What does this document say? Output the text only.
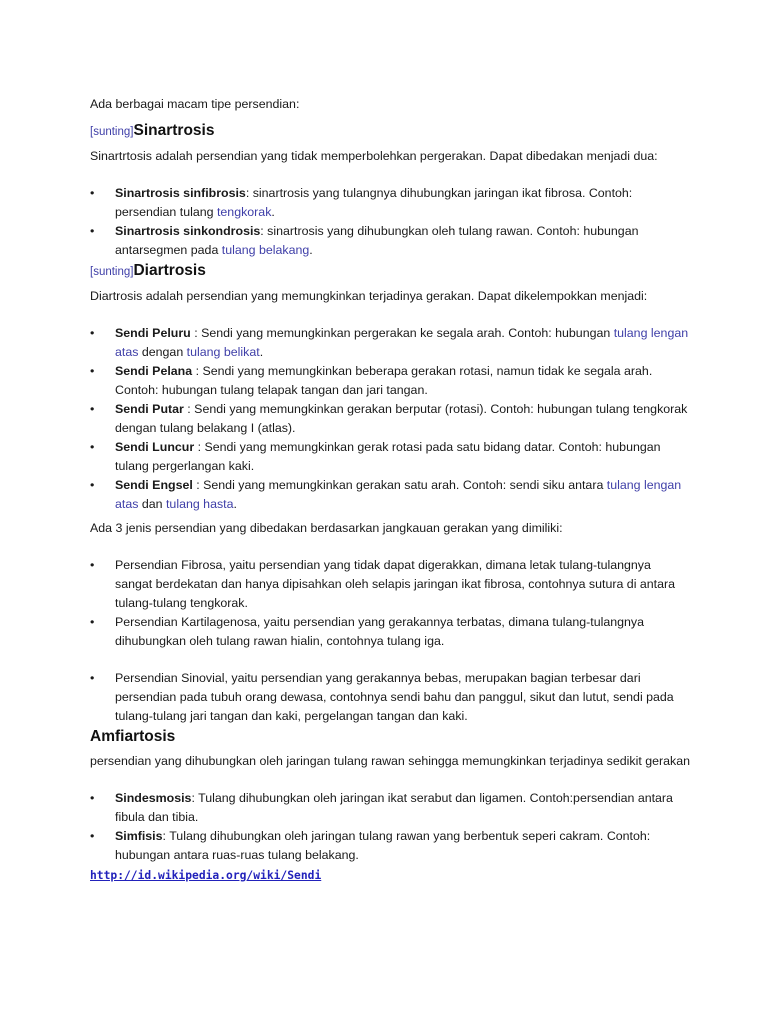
Ada berbagai macam tipe persendian:

[sunting] Sinartrosis

Sinartrtosis adalah persendian yang tidak memperbolehkan pergerakan. Dapat dibedakan menjadi dua:

• Sinartrosis sinfibrosis: sinartrosis yang tulangnya dihubungkan jaringan ikat fibrosa. Contoh: persendian tulang tengkorak.
• Sinartrosis sinkondrosis: sinartrosis yang dihubungkan oleh tulang rawan. Contoh: hubungan antarsegmen pada tulang belakang.
[sunting] Diartrosis

Diartrosis adalah persendian yang memungkinkan terjadinya gerakan. Dapat dikelempokkan menjadi:

• Sendi Peluru : Sendi yang memungkinkan pergerakan ke segala arah. Contoh: hubungan tulang lengan atas dengan tulang belikat.
• Sendi Pelana : Sendi yang memungkinkan beberapa gerakan rotasi, namun tidak ke segala arah. Contoh: hubungan tulang telapak tangan dan jari tangan.
• Sendi Putar : Sendi yang memungkinkan gerakan berputar (rotasi). Contoh: hubungan tulang tengkorak dengan tulang belakang I (atlas).
• Sendi Luncur : Sendi yang memungkinkan gerak rotasi pada satu bidang datar. Contoh: hubungan tulang pergerlangan kaki.
• Sendi Engsel : Sendi yang memungkinkan gerakan satu arah. Contoh: sendi siku antara tulang lengan atas dan tulang hasta.

Ada 3 jenis persendian yang dibedakan berdasarkan jangkauan gerakan yang dimiliki:

• Persendian Fibrosa, yaitu persendian yang tidak dapat digerakkan, dimana letak tulang-tulangnya sangat berdekatan dan hanya dipisahkan oleh selapis jaringan ikat fibrosa, contohnya sutura di antara tulang-tulang tengkorak.
• Persendian Kartilagenosa, yaitu persendian yang gerakannya terbatas, dimana tulang-tulangnya dihubungkan oleh tulang rawan hialin, contohnya tulang iga.
• Persendian Sinovial, yaitu persendian yang gerakannya bebas, merupakan bagian terbesar dari persendian pada tubuh orang dewasa, contohnya sendi bahu dan panggul, sikut dan lutut, sendi pada tulang-tulang jari tangan dan kaki, pergelangan tangan dan kaki.
Amfiartosis

persendian yang dihubungkan oleh jaringan tulang rawan sehingga memungkinkan terjadinya sedikit gerakan

• Sindesmosis: Tulang dihubungkan oleh jaringan ikat serabut dan ligamen. Contoh:persendian antara fibula dan tibia.
• Simfisis: Tulang dihubungkan oleh jaringan tulang rawan yang berbentuk seperi cakram. Contoh: hubungan antara ruas-ruas tulang belakang.

http://id.wikipedia.org/wiki/Sendi
